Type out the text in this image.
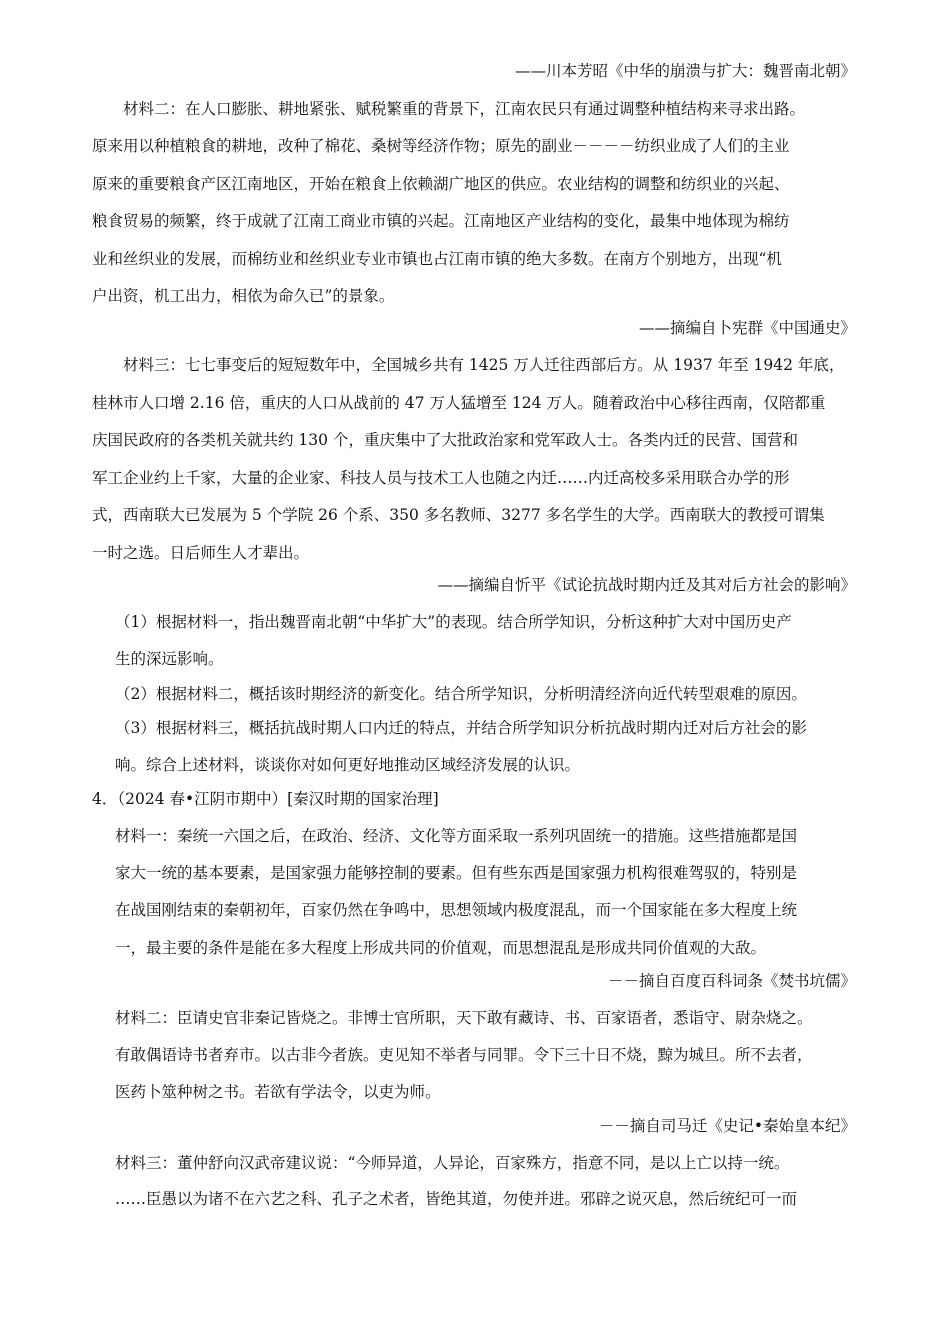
——川本芳昭《中华的崩溃与扩大：魏晋南北朝》
材料二：在人口膨胀、耕地紧张、赋税繁重的背景下，江南农民只有通过调整种植结构来寻求出路。
原来用以种植粮食的耕地，改种了棉花、桑树等经济作物；原先的副业－－－－纺织业成了人们的主业
原来的重要粮食产区江南地区，开始在粮食上依赖湖广地区的供应。农业结构的调整和纺织业的兴起、
粮食贸易的频繁，终于成就了江南工商业市镇的兴起。江南地区产业结构的变化，最集中地体现为棉纺
业和丝织业的发展，而棉纺业和丝织业专业市镇也占江南市镇的绝大多数。在南方个别地方，出现“机
户出资，机工出力，相依为命久已”的景象。
——摘编自卜宪群《中国通史》
材料三：七七事变后的短短数年中，全国城乡共有 1425 万人迁往西部后方。从 1937 年至 1942 年底，
桂林市人口增 2.16 倍，重庆的人口从战前的 47 万人猛增至 124 万人。随着政治中心移往西南，仅陪都重
庆国民政府的各类机关就共约 130 个，重庆集中了大批政治家和党军政人士。各类内迁的民营、国营和
军工企业约上千家，大量的企业家、科技人员与技术工人也随之内迁……内迁高校多采用联合办学的形
式，西南联大已发展为 5 个学院 26 个系、350 多名教师、3277 多名学生的大学。西南联大的教授可谓集
一时之选。日后师生人才辈出。
——摘编自忻平《试论抗战时期内迁及其对后方社会的影响》
（1）根据材料一，指出魏晋南北朝“中华扩大”的表现。结合所学知识，分析这种扩大对中国历史产
生的深远影响。
（2）根据材料二，概括该时期经济的新变化。结合所学知识，分析明清经济向近代转型艰难的原因。
（3）根据材料三，概括抗战时期人口内迁的特点，并结合所学知识分析抗战时期内迁对后方社会的影
响。综合上述材料，谈谈你对如何更好地推动区域经济发展的认识。
4．（2024 春•江阴市期中）[秦汉时期的国家治理]
材料一：秦统一六国之后，在政治、经济、文化等方面采取一系列巩固统一的措施。这些措施都是国
家大一统的基本要素，是国家强力能够控制的要素。但有些东西是国家强力机构很难驾驭的，特别是
在战国刚结束的秦朝初年，百家仍然在争鸣中，思想领域内极度混乱，而一个国家能在多大程度上统
一，最主要的条件是能在多大程度上形成共同的价值观，而思想混乱是形成共同价值观的大敌。
－－摘自百度百科词条《焚书坑儒》
材料二：臣请史官非秦记皆烧之。非博士官所职，天下敢有藏诗、书、百家语者，悉诣守、尉杂烧之。
有敢偶语诗书者弃市。以古非今者族。吏见知不举者与同罪。令下三十日不烧，黥为城旦。所不去者，
医药卜筮种树之书。若欲有学法令，以吏为师。
－－摘自司马迁《史记•秦始皇本纪》
材料三：董仲舒向汉武帝建议说：“今师异道，人异论，百家殊方，指意不同，是以上亡以持一统。
……臣愚以为诸不在六艺之科、孔子之术者，皆绝其道，勿使并进。邪辟之说灭息，然后统纪可一而
